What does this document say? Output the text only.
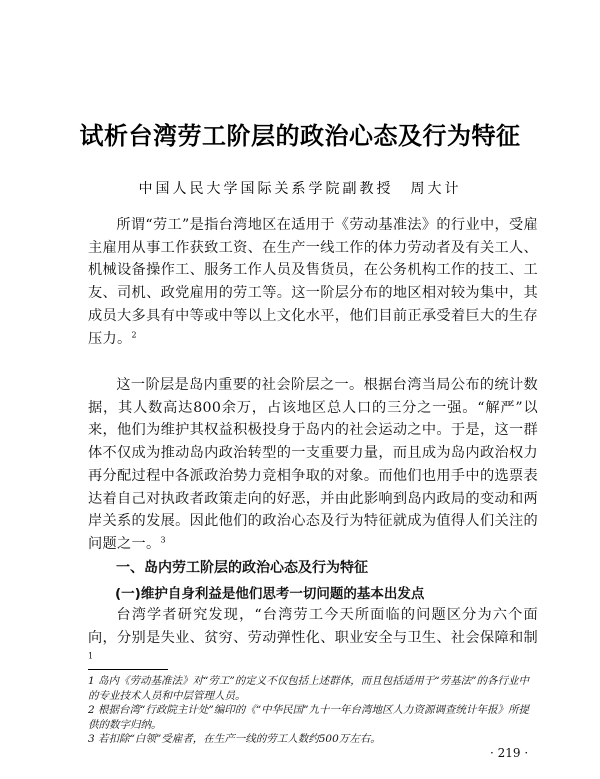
试析台湾劳工阶层的政治心态及行为特征
中国人民大学国际关系学院副教授　周大计

所谓“劳工”是指台湾地区在适用于《劳动基准法》的行业中，受雇主雇用从事工作获致工资、在生产一线工作的体力劳动者及有关工人、机械设备操作工、服务工作人员及售货员，在公务机构工作的技工、工友、司机、政党雇用的劳工等。这一阶层分布的地区相对较为集中，其成员大多具有中等或中等以上文化水平，他们目前正承受着巨大的生存压力。$^2$

这一阶层是岛内重要的社会阶层之一。根据台湾当局公布的统计数据，其人数高达800余万，占该地区总人口的三分之一强。“解严”以来，他们为维护其权益积极投身于岛内的社会运动之中。于是，这一群体不仅成为推动岛内政治转型的一支重要力量，而且成为岛内政治权力再分配过程中各派政治势力竞相争取的对象。而他们也用手中的选票表达着自己对执政者政策走向的好恶，并由此影响到岛内政局的变动和两岸关系的发展。因此他们的政治心态及行为特征就成为值得人们关注的问题之一。$^3$

一、岛内劳工阶层的政治心态及行为特征
(一)维护自身利益是他们思考一切问题的基本出发点

台湾学者研究发现，“台湾劳工今天所面临的问题区分为六个面向，分别是失业、贫穷、劳动弹性化、职业安全与卫生、社会保障和制$^1$

1 岛内《劳动基准法》对“劳工”的定义不仅包括上述群体，而且包括适用于“劳基法”的各行业中的专业技术人员和中层管理人员。
2 根据台湾“行政院主计处”编印的《“中华民国”九十一年台湾地区人力资源调查统计年报》所提供的数字归纳。
3 若扣除“白领”受雇者，在生产一线的劳工人数约500万左右。
· 219 ·
